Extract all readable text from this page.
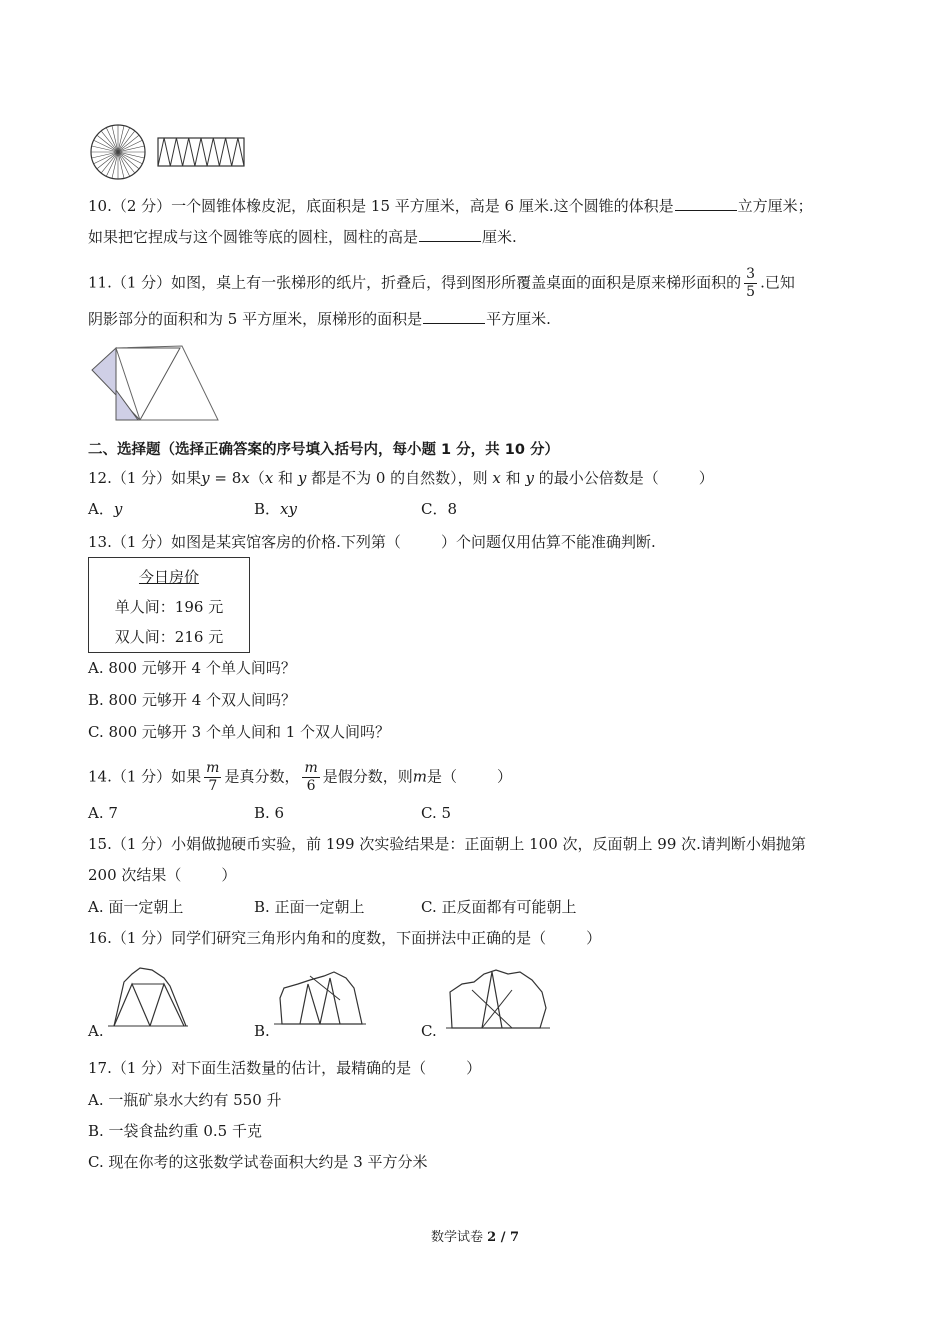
10.（2 分）一个圆锥体橡皮泥，底面积是 15 平方厘米，高是 6 厘米.这个圆锥的体积是	立方厘米；
如果把它捏成与这个圆锥等底的圆柱，圆柱的高是	厘米.
11.（1 分）如图，桌上有一张梯形的纸片，折叠后，得到图形所覆盖桌面的面积是原来梯形面积的 $\frac{3}{5}$ .已知
阴影部分的面积和为 5 平方厘米，原梯形的面积是	平方厘米.
二、选择题（选择正确答案的序号填入括号内，每小题 1 分，共 10 分）
12.（1 分）如果y = 8x（x 和 y 都是不为 0 的自然数），则 x 和 y 的最小公倍数是（	）
A．y	B．xy	C．8
13.（1 分）如图是某宾馆客房的价格.下列第（	）个问题仅用估算不能准确判断.
今日房价
单人间：196 元
双人间：216 元
A. 800 元够开 4 个单人间吗？
B. 800 元够开 4 个双人间吗？
C. 800 元够开 3 个单人间和 1 个双人间吗？
14.（1 分）如果 $\frac{m}{7}$ 是真分数， $\frac{m}{6}$ 是假分数，则m是（	）
A. 7	B. 6	C. 5
15.（1 分）小娟做抛硬币实验，前 199 次实验结果是：正面朝上 100 次，反面朝上 99 次.请判断小娟抛第
200 次结果（	）
A. 面一定朝上	B. 正面一定朝上	C. 正反面都有可能朝上
16.（1 分）同学们研究三角形内角和的度数，下面拼法中正确的是（	）
A.	B.	C.
17.（1 分）对下面生活数量的估计，最精确的是（	）
A. 一瓶矿泉水大约有 550 升
B. 一袋食盐约重 0.5 千克
C. 现在你考的这张数学试卷面积大约是 3 平方分米
数学试卷 2 / 7
